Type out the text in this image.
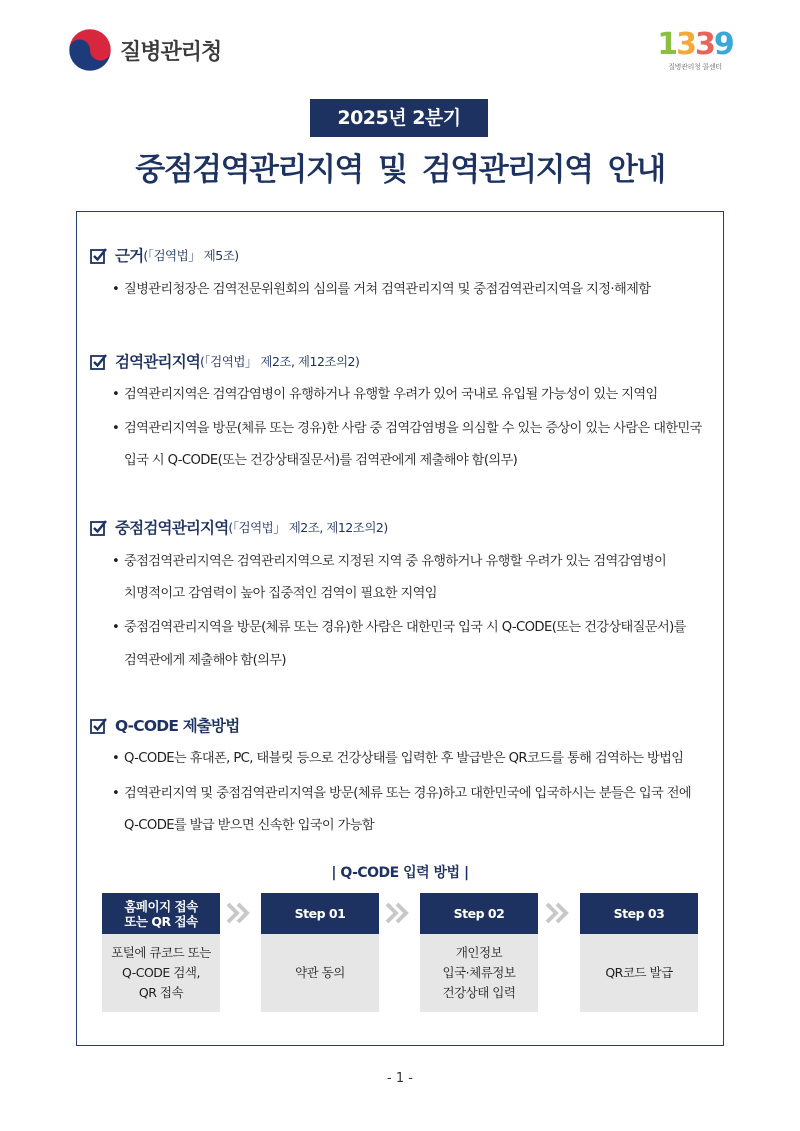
질병관리청	1339
질병관리청 콜센터
2025년 2분기
중점검역관리지역 및 검역관리지역 안내
근거 (「검역법」 제5조)
• 질병관리청장은 검역전문위원회의 심의를 거쳐 검역관리지역 및 중점검역관리지역을 지정·해제함
검역관리지역 (「검역법」 제2조, 제12조의2)
• 검역관리지역은 검역감염병이 유행하거나 유행할 우려가 있어 국내로 유입될 가능성이 있는 지역임
• 검역관리지역을 방문(체류 또는 경유)한 사람 중 검역감염병을 의심할 수 있는 증상이 있는 사람은 대한민국
입국 시 Q-CODE(또는 건강상태질문서)를 검역관에게 제출해야 함(의무)
중점검역관리지역 (「검역법」 제2조, 제12조의2)
• 중점검역관리지역은 검역관리지역으로 지정된 지역 중 유행하거나 유행할 우려가 있는 검역감염병이
치명적이고 감염력이 높아 집중적인 검역이 필요한 지역임
• 중점검역관리지역을 방문(체류 또는 경유)한 사람은 대한민국 입국 시 Q-CODE(또는 건강상태질문서)를
검역관에게 제출해야 함(의무)
Q-CODE 제출방법
• Q-CODE는 휴대폰, PC, 태블릿 등으로 건강상태를 입력한 후 발급받은 QR코드를 통해 검역하는 방법임
• 검역관리지역 및 중점검역관리지역을 방문(체류 또는 경유)하고 대한민국에 입국하시는 분들은 입국 전에
Q-CODE를 발급 받으면 신속한 입국이 가능함
| Q-CODE 입력 방법 |
홈페이지 접속
또는 QR 접속
포털에 큐코드 또는
Q-CODE 검색,
QR 접속
Step 01
약관 동의
Step 02
개인정보
입국·체류정보
건강상태 입력
Step 03
QR코드 발급
- 1 -
